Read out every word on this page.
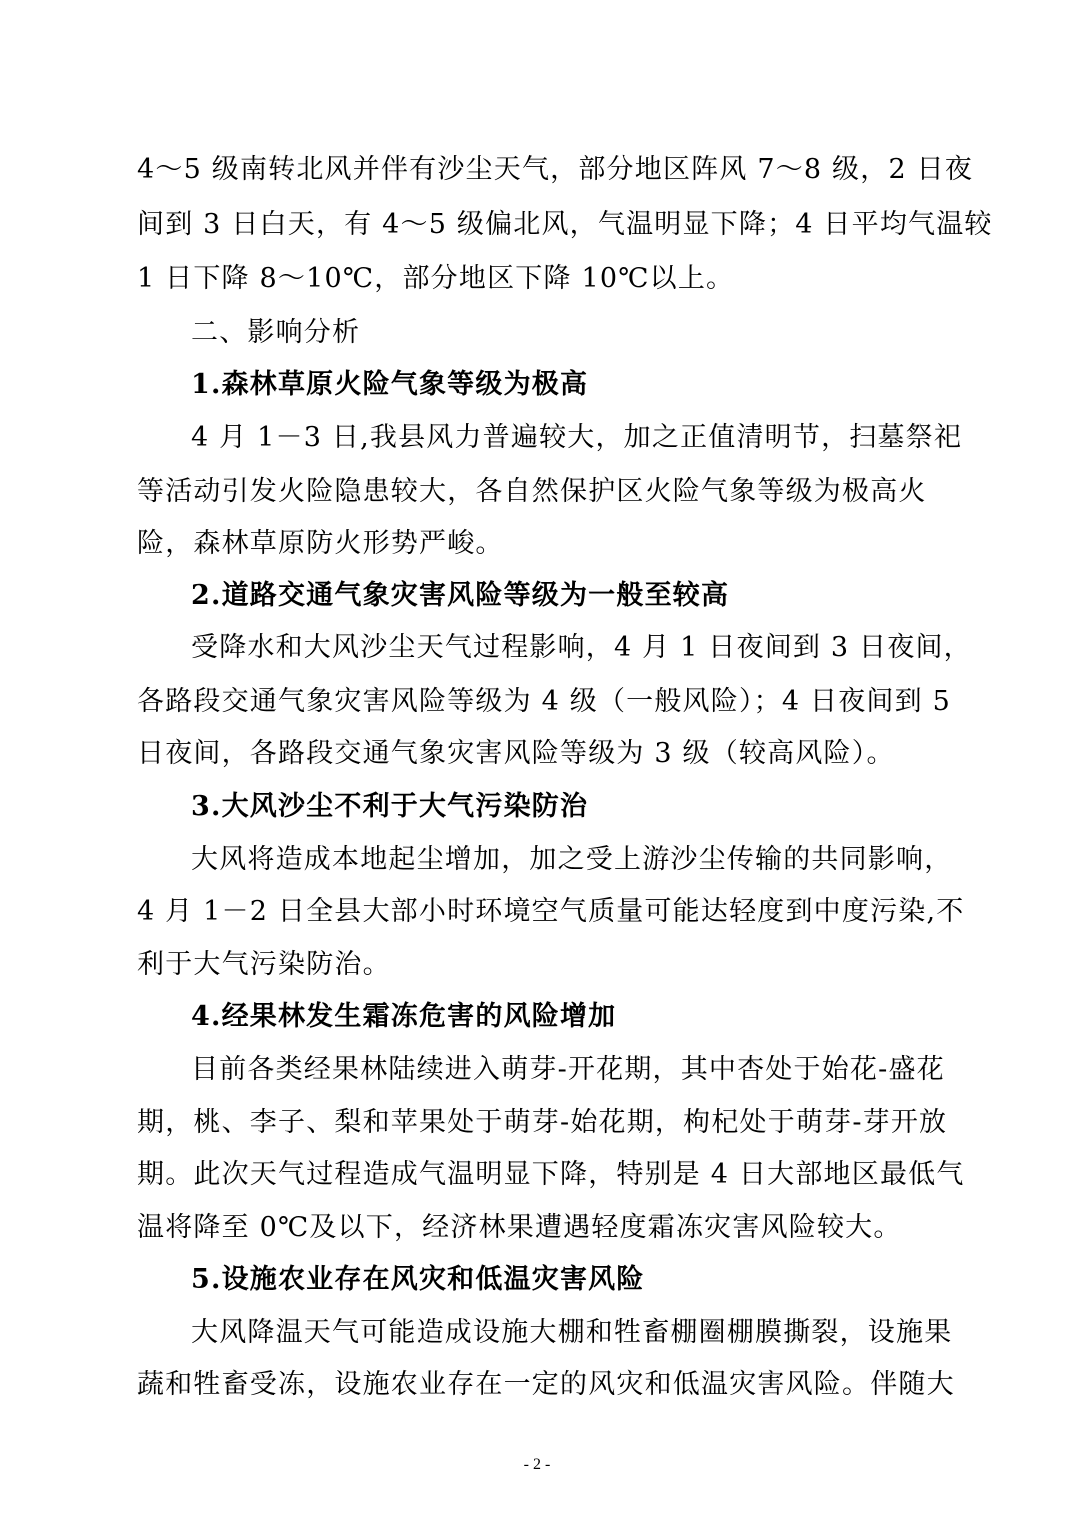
4～5 级南转北风并伴有沙尘天气，部分地区阵风 7～8 级，2 日夜
间到 3 日白天，有 4～5 级偏北风，气温明显下降；4 日平均气温较
1 日下降 8～10℃，部分地区下降 10℃以上。
二、影响分析
1.森林草原火险气象等级为极高
4 月 1－3 日,我县风力普遍较大，加之正值清明节，扫墓祭祀
等活动引发火险隐患较大，各自然保护区火险气象等级为极高火
险，森林草原防火形势严峻。
2.道路交通气象灾害风险等级为一般至较高
受降水和大风沙尘天气过程影响，4 月 1 日夜间到 3 日夜间，
各路段交通气象灾害风险等级为 4 级（一般风险）；4 日夜间到 5
日夜间，各路段交通气象灾害风险等级为 3 级（较高风险）。
3.大风沙尘不利于大气污染防治
大风将造成本地起尘增加，加之受上游沙尘传输的共同影响，
4 月 1－2 日全县大部小时环境空气质量可能达轻度到中度污染,不
利于大气污染防治。
4.经果林发生霜冻危害的风险增加
目前各类经果林陆续进入萌芽-开花期，其中杏处于始花-盛花
期，桃、李子、梨和苹果处于萌芽-始花期，枸杞处于萌芽-芽开放
期。此次天气过程造成气温明显下降，特别是 4 日大部地区最低气
温将降至 0℃及以下，经济林果遭遇轻度霜冻灾害风险较大。
5.设施农业存在风灾和低温灾害风险
大风降温天气可能造成设施大棚和牲畜棚圈棚膜撕裂，设施果
蔬和牲畜受冻，设施农业存在一定的风灾和低温灾害风险。伴随大
- 2 -
